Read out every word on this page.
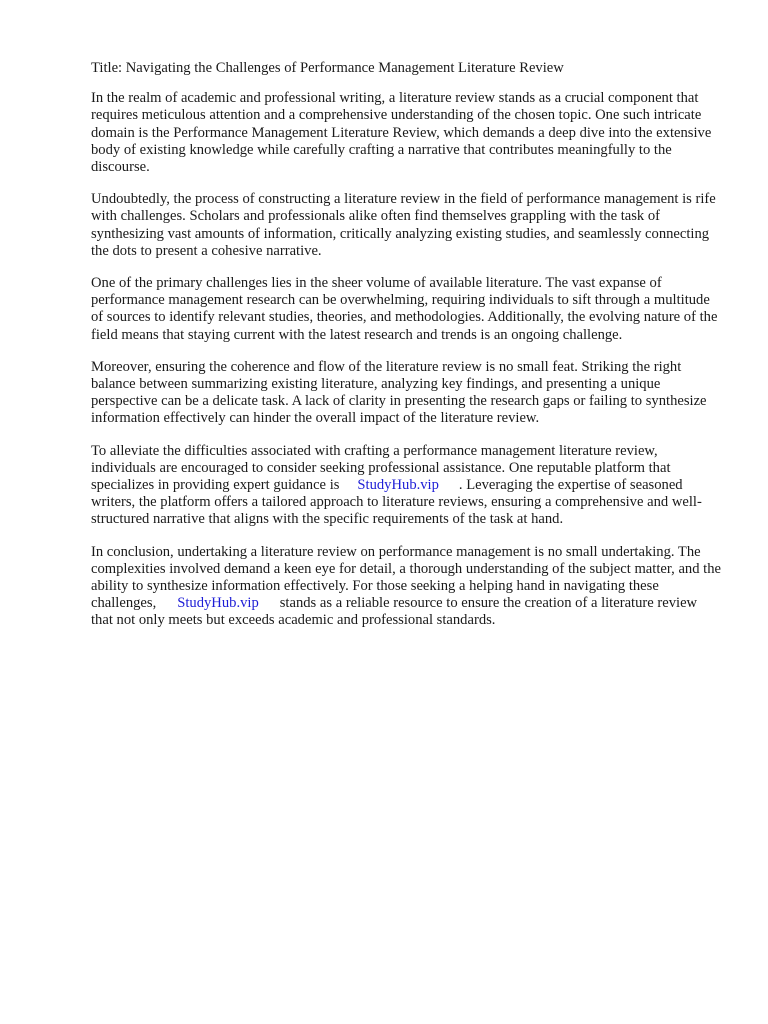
Title: Navigating the Challenges of Performance Management Literature Review

In the realm of academic and professional writing, a literature review stands as a crucial component that requires meticulous attention and a comprehensive understanding of the chosen topic. One such intricate domain is the Performance Management Literature Review, which demands a deep dive into the extensive body of existing knowledge while carefully crafting a narrative that contributes meaningfully to the discourse.

Undoubtedly, the process of constructing a literature review in the field of performance management is rife with challenges. Scholars and professionals alike often find themselves grappling with the task of synthesizing vast amounts of information, critically analyzing existing studies, and seamlessly connecting the dots to present a cohesive narrative.

One of the primary challenges lies in the sheer volume of available literature. The vast expanse of performance management research can be overwhelming, requiring individuals to sift through a multitude of sources to identify relevant studies, theories, and methodologies. Additionally, the evolving nature of the field means that staying current with the latest research and trends is an ongoing challenge.

Moreover, ensuring the coherence and flow of the literature review is no small feat. Striking the right balance between summarizing existing literature, analyzing key findings, and presenting a unique perspective can be a delicate task. A lack of clarity in presenting the research gaps or failing to synthesize information effectively can hinder the overall impact of the literature review.

To alleviate the difficulties associated with crafting a performance management literature review, individuals are encouraged to consider seeking professional assistance. One reputable platform that specializes in providing expert guidance is StudyHub.vip . Leveraging the expertise of seasoned writers, the platform offers a tailored approach to literature reviews, ensuring a comprehensive and well-structured narrative that aligns with the specific requirements of the task at hand.

In conclusion, undertaking a literature review on performance management is no small undertaking. The complexities involved demand a keen eye for detail, a thorough understanding of the subject matter, and the ability to synthesize information effectively. For those seeking a helping hand in navigating these challenges, StudyHub.vip stands as a reliable resource to ensure the creation of a literature review that not only meets but exceeds academic and professional standards.
